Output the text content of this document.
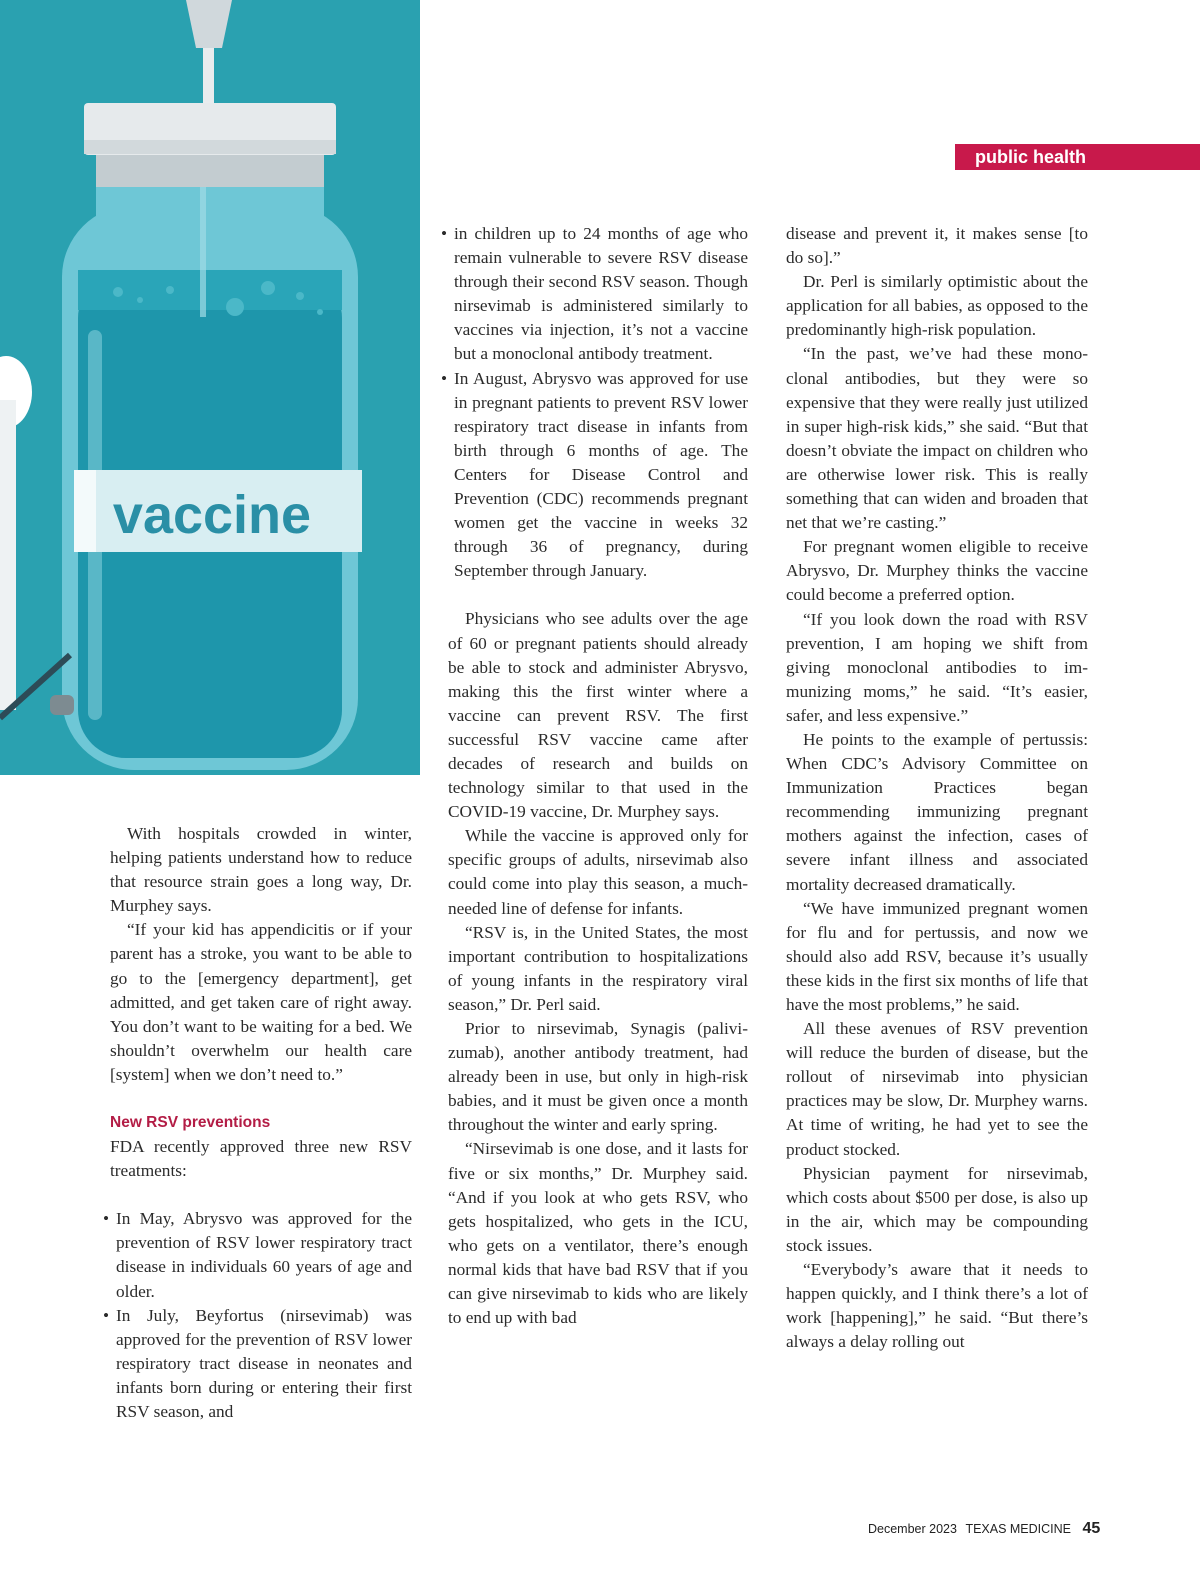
vaccine
public health

With hospitals crowded in winter, helping patients understand how to reduce that resource strain goes a long way, Dr. Murphey says.

“If your kid has appendicitis or if your parent has a stroke, you want to be able to go to the [emergency department], get admitted, and get taken care of right away. You don’t want to be waiting for a bed. We shouldn’t overwhelm our health care [system] when we don’t need to.”

New RSV preventions

FDA recently approved three new RSV treatments:

• In May, Abrysvo was approved for the prevention of RSV lower respiratory tract disease in individuals 60 years of age and older.
• In July, Beyfortus (nirsevimab) was approved for the prevention of RSV lower respiratory tract disease in neonates and infants born during or entering their first RSV season, and
• in children up to 24 months of age who remain vulnerable to severe RSV disease through their second RSV season. Though nirsevimab is administered similarly to vaccines via injection, it’s not a vaccine but a monoclonal antibody treatment.
• In August, Abrysvo was approved for use in pregnant patients to prevent RSV lower respiratory tract disease in infants from birth through 6 months of age. The Centers for Disease Control and Prevention (CDC) recommends pregnant women get the vaccine in weeks 32 through 36 of pregnancy, during September through January.

Physicians who see adults over the age of 60 or pregnant patients should already be able to stock and administer Abrysvo, making this the first winter where a vaccine can prevent RSV. The first successful RSV vaccine came after decades of research and builds on technology similar to that used in the COVID-19 vaccine, Dr. Murphey says.

While the vaccine is approved only for specific groups of adults, nirsevimab also could come into play this season, a much-needed line of defense for infants.

“RSV is, in the United States, the most important contribution to hospitalizations of young infants in the respiratory viral season,” Dr. Perl said.

Prior to nirsevimab, Synagis (palivizumab), another antibody treatment, had already been in use, but only in high-risk babies, and it must be given once a month throughout the winter and early spring.

“Nirsevimab is one dose, and it lasts for five or six months,” Dr. Murphey said. “And if you look at who gets RSV, who gets hospitalized, who gets in the ICU, who gets on a ventilator, there’s enough normal kids that have bad RSV that if you can give nirsevimab to kids who are likely to end up with bad

disease and prevent it, it makes sense [to do so].”

Dr. Perl is similarly optimistic about the application for all babies, as opposed to the predominantly high-risk population.

“In the past, we’ve had these monoclonal antibodies, but they were so expensive that they were really just utilized in super high-risk kids,” she said. “But that doesn’t obviate the impact on children who are otherwise lower risk. This is really something that can widen and broaden that net that we’re casting.”

For pregnant women eligible to receive Abrysvo, Dr. Murphey thinks the vaccine could become a preferred option.

“If you look down the road with RSV prevention, I am hoping we shift from giving monoclonal antibodies to immunizing moms,” he said. “It’s easier, safer, and less expensive.”

He points to the example of pertussis: When CDC’s Advisory Committee on Immunization Practices began recommending immunizing pregnant mothers against the infection, cases of severe infant illness and associated mortality decreased dramatically.

“We have immunized pregnant women for flu and for pertussis, and now we should also add RSV, because it’s usually these kids in the first six months of life that have the most problems,” he said.

All these avenues of RSV prevention will reduce the burden of disease, but the rollout of nirsevimab into physician practices may be slow, Dr. Murphey warns. At time of writing, he had yet to see the product stocked.

Physician payment for nirsevimab, which costs about $500 per dose, is also up in the air, which may be compounding stock issues.

“Everybody’s aware that it needs to happen quickly, and I think there’s a lot of work [happening],” he said. “But there’s always a delay rolling out

December 2023 TEXAS MEDICINE 45
